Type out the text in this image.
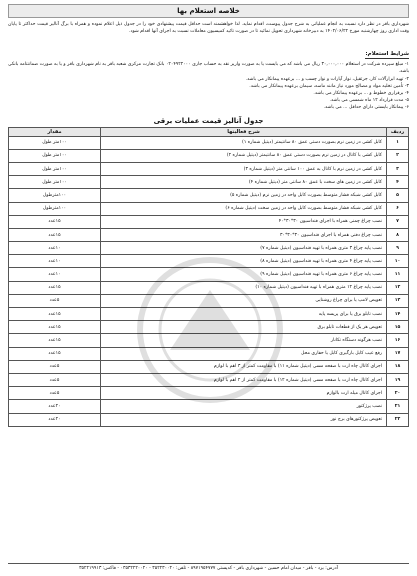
خلاصه استعلام بها

شهرداری باقر در نظر دارد نسبت به انجام عملیاتی به شرح جدول پیوست، اقدام نماید. لذا خواهشمند است حداقل قیمت پیشنهادی خود را در جدول ذیل اعلام نموده و همراه با برگ آنالیز قیمت حداکثر تا پایان وقت اداری روز چهارشنبه مورخ ۱۴۰۲/۰۶/۲۲ به دبیرخانه شهرداری تحویل نمائید تا در صورت تائید کمیسیون معاملات نسبت به اجرای آنها اقدام شود.

شرایط استعلام:
۱- مبلغ سپرده شرکت در استعلام ۳۰,۰۰۰,۰۰۰ ریال می باشد که می بایست یا به صورت واریز نقد به حساب جاری ۰۲۰۴۹۲۲۰۰۰ بانک تجارت مرکزی شعبه باقر به نام شهرداری باقر و یا به صورت ضمانتنامه بانکی باشد.
۲- تهیه ابزارآلات کار، جرثقیل، نوار آپارات و نوار چسب و ... برعهده پیمانکار می باشد.
۳- تأمین تخلیه مواد و مصالح مورد نیاز مانند ماسه، سیمان برعهده پیمانکار می باشد.
۴- برقراری خطوط و ... برعهده پیمانکار می باشد.
۵- مدت قرارداد ۱۲ ماه شمسی می باشد.
۶- پیمانکار بایستی دارای حداقل ... می باشد.
جدول آنالیز قیمت عملیات برقی
ردیف	شرح فعالیتها	مقدار
۱	کابل کشی در زمین نرم بصورت دستی عمق ۸۰ سانتیمتر (دیتیل شماره ۱)	۱۰۰متر طول
۲	کابل کشی با کانال در زمین نرم بصورت دستی عمق ۸۰ سانتیمتر (دیتیل شماره ۲)	۱۰۰متر طول
۳	کابل کشی در زمین نرم با کانال به عمق ۱۰۰ سانتی متر (دیتیل شماره ۳)	۱۰۰متر طول
۴	کابل کشی در زمین های سخت با عمق ۸۰ سانتی متر (دیتیل شماره ۴)	۱۰۰متر طول
۵	کابل کشی شبکه فشار متوسط بصورت کابل واحد در زمین نرم (دیتیل شماره ۵)	۱۰۰مترطول
۶	کابل کشی شبکه فشار متوسط بصورت کابل واحد در زمین سخت (دیتیل شماره ۶)	۱۰۰مترطول
۷	نصب چراغ چمنی همراه با اجرای فنداسیون ۳۰*۳۰*۴۰	۱۵عدد
۸	نصب چراغ دفنی همراه با اجرای فنداسیون ۳۰*۳۰*۳۰	۱۵عدد
۹	نصب پایه چراغ ۳ متری همراه با تهیه فنداسیون (دیتیل شماره ۷)	۱۰عدد
۱۰	نصب پایه چراغ ۴ متری همراه با تهیه فنداسیون (دیتیل شماره ۸)	۱۰عدد
۱۱	نصب پایه چراغ ۶ متری همراه با تهیه فنداسیون (دیتیل شماره ۹)	۱۰عدد
۱۲	نصب پایه چراغ ۱۲ متری همراه با تهیه فنداسیون (دیتیل شماره ۱۰)	۱۵عدد
۱۳	تعویض لامپ یا برای چراغ روشنایی	۵عدد
۱۴	نصب تابلو برق یا برای پریسه پایه	۱۵عدد
۱۵	تعویض هر یک از قطعات تابلو برق	۱۵عدد
۱۶	نصب هرگونه دستگاه تکانار	۱۵عدد
۱۷	رفع عیب کابل بارگیری کابل یا حفاری محل	۱۵عدد
۱۸	اجرای کانال چاه ارت با صفحه مسی (دیتیل شماره ۱۱) با مقاومت کمتر از ۳ اهم با لوازم	۵عدد
۱۹	اجرای کانال چاه ارت با صفحه مسی (دیتیل شماره ۱۲) با مقاومت کمتر از ۲ اهم با لوازم	۵عدد
۲۰	اجرای کانال میله ارت بالوازم	۵عدد
۲۱	نصب پرژکتور	۲۰عدد
۲۲	تعویض پرژکتورهای برج نور	۲۰عدد
آدرس: یزد - باقر - میدان امام حسین - شهرداری باقر - کدپستی ۸۹۷۱۹۵۴۷۷۷ - تلفن: ۳۵۲۲۳۰۰۲۰ - ۰۳۵۳۲۲۲۰۰۲۰ - فاکس: ۳۵۲۲۱۹۹۱۳
